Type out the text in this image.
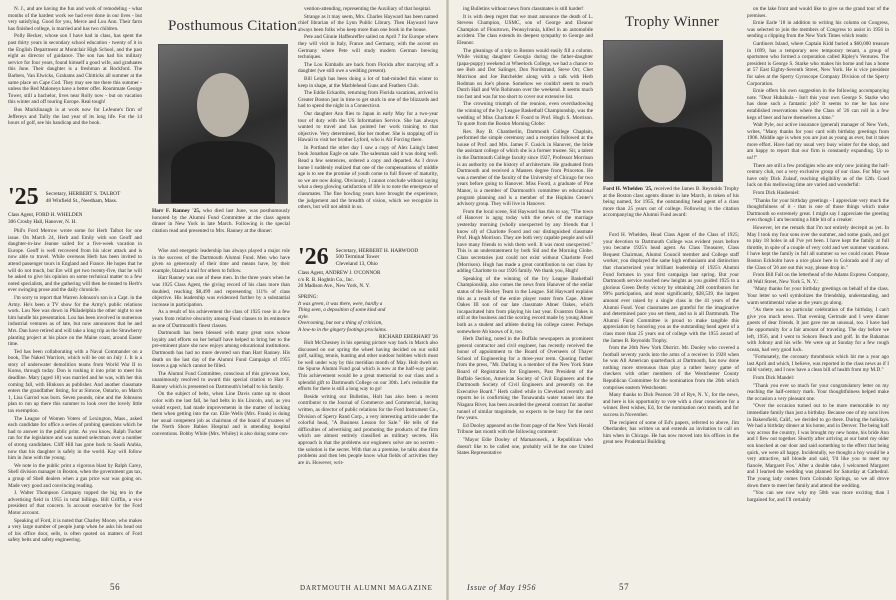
N. J., and are having the fun and work of remodeling - what months of the hardest work we had ever done in our lives - but very satisfying. Good for you, Merce and Lou Ann. Their farm has finished college, is married and has two children.

Polly Becker, whose son I have had in class, has spent the past thirty years in secondary school education - twenty of it in the English Department at Montclair High School, and the past eight as director of guidance. The son has had his military service for four years, found himself a good wife, and graduates this June. Their daughter is a freshman at Rockford. The Barbers, Van Elwicks, Grahams and Chitticks all summer at the same place on Cape Cod. They may see me there this summer - unless the Red Maloneys have a better offer. Roommate George Tower, still a bachelor, lives near Rolly now - but on vacation this winter and off touring Europe. Real tough!

Bus Macklinaugh is at work now for LeJeune's firm of Jeffereys and Tailly the last year of its long life. For the 14 hours of golf, see his handicap and the book.

'25 Secretary, HERBERT S. TALBOT
48 Winfield St., Needham, Mass.
Class Agent, FORD H. WHELDEN
306 Crosby Hall, Hanover, N. H.

Phil's Ford Merrow wrote some for Herb Talbot for one issue. On March 24, Herb and Emily with son Geoff and daughter-in-law Jeanne sailed for a five-week vacation in Europe. Geoff is well recovered from his ulcer attack and is now able to travel. While overseas Herb has been invited to attend passenger tours in England and France. He hopes that he will do not much, but Ere will get two twenty-five, that he will be asked to give his opinion on some technical matter to a few noted specialists, and the gathering will then be treated to Herb's ever swinging prose and the daily chronicle.

I'm sorry to report that Warren Johnson's son is a Capt. in the Army. He's been a TV show for the Army's public relations work. Lou Nee was down in Philadelphia the other night to see him handle his presentation. Lou has been involved in numerous industrial ventures as of late, but now announces that he and Mrs. Dan have retired and will take a long trip as the Strawberry planting project at his place on the Maine coast, around Easter time.

Ted has been collaborating with a Naval Commander on a book, The Naked Warriors, which will be out on July 1. It is a story of underwater demolition teams from World War II to Korea, through today. Don is rushing it into print to meet his deadline. Mary (aged 18) was married and he was, with her this coming fall, with Hinkson as publisher. And another classmate enters the grandfather listing, for at Simcoe, Ontario, on March 1, Lisa Garrod was born. Seven pounds, nine and the Johnsons plan to run up there this summer to look over the lovely little tax exemption.

The League of Women Voters of Lexington, Mass., asked each candidate for office a series of probing questions which he had to answer in the public print. As you know, Ralph Tucker ran for the legislature and was named selectman over a number of strong candidates. Cliff Hill has gone back to Saudi Arabia, now that his daughter is safely in the world. Kay will follow him in June with the young.

We note in the public print a vigorous blast by Ralph Carey, Shell division manager in Boston, when the government gas tax, a group of Shell dealers when a gas price war was going on. Made very good and convincing reading.

J. Walter Thompson Company topped the big ten in the advertising field in 1955 in total billings. Bill Griffin, a vice president of that concern. Is account executive for the Ford Motor account.

Speaking of Ford, it is noted that Charley Moore, who makes a very large number of people jump when he asks his head out of his office door, sells, is often quoted on matters of Ford safety belts and safety engineering.

Posthumous Citation
Harr F. Ranney '25, who died last June, was posthumously honored by the Alumni Fund Committee at the class agents dinner in New York in late March. Following is the special citation read and presented to Mrs. Ranney at the dinner:

Wise and energetic leadership has always played a major role in the success of the Dartmouth Alumni Fund. Men who have given so generously of their time and means have, by their example, blazed a trail for others to follow.

Harr Ranney was one of these men. In the three years when he was 1925 Class Agent, the giving record of his class more than doubled, reaching $8,499 and representing 111% of class objective. His leadership was evidenced further by a substantial increase in participation.

As a result of his achievement the class of 1925 rose in a few years from relative obscurity among Fund classes to its eminence as one of Dartmouth's finest classes.

Dartmouth has been blessed with many great sons whose loyalty and efforts on her behalf have helped to bring her to the pre-eminent place she now enjoys among educational institutions. Dartmouth has had no more devoted son than Harr Ranney. His death on the last day of the Alumni Fund Campaign of 1955 leaves a gap which cannot be filled.

The Alumni Fund Committee, conscious of this grievous loss, unanimously resolved to award this special citation to Harr F. Ranney which is presented on Dartmouth's behalf to his family.

On the subject of belts, when Line Davis came up to shoot color with me last fall, he had belts in his Lincoln, and, as you would expect, had made improvements in the matter of locking them when getting into the car. Ellie Wells (Mrs. Frank) is doing her usual competent job as chairman of the board of trustees of the North Shore Babies Hospital and is attending hospital conventions. Bobby White (Mrs. Whiley) is also doing some con-

vention-attending, representing the Auxiliary of that hospital.

Strange as it may seem, Mrs. Charles Hayward has been named chief librarian of the Lynn Public Library. Then Hayward have always been folks who keep more than one book in the house.

Pete and Ginnie Haffenreffer sailed on April 7 for Europe where they will visit in Italy, France and Germany, with the accent on Germany where Pete will study modern German brewing techniques.

The Lou Kimballs are back from Florida after marrying off a daughter (we still owe a wedding present).

Bill Leigh has been doing a lot of bad-minded this winter to keep in shape, at the Marblehead Guns and Feathers Club.

The Eddie Eckardts, returning from Florida vacations, arrived in Greater Boston just in time to get stuck in one of the blizzards and had to spend the night in a Connecticut.

Our daughter Ann flies to Japan in early May for a two-year tour of duty with the US Information Service. She has always wanted to travel and has pointed her work training to that objective. Very determined, like her mother. She is stopping off in Hawaii to visit her brother Lyford, who is Air Forcing there.

In Portland the other day I saw a copy of Alex Laing's latest book Jonathan Eagle on sale. The salesman said it was doing well. Read a few sentences, ordered a copy and departed. As I drove home I suddenly realized that one of the compensations of middle age is to see the promise of youth come to full flower of maturity, so we are now doing. Obviously, I cannot conclude without saying what a deep glowing satisfaction of life is to note the emergence of classmates. The fine bowling years have brought the experience, the judgement and the breadth of vision, which we recognize in others, but will not admit in us.

'26 Secretary, HERBERT H. HARWOOD
500 Terminal Tower
Cleveland 13, Ohio
Class Agent, ANDREW J. O'CONNOR
c/o R. B. Hoghtin Co., Inc.
20 Madison Ave., New York, N. Y.
SPRING:
It was green, it was there, were, hardly a
Thing seen, a deposition of some kind and
style.
Overcoming, but not a thing of criticism,
A low-to in the gingery footings proclaims.
RICHARD EBERHART '26

Holt McChesney in his opening picture way back in March also discussed on our spring the wheel having decided on our solid golf, sailing, tennis, hunting and other outdoor hobbies which must be well under way by this meridian month of May. Holt dwelt on the Spurse Alumni Fund goal which is now at the half-way point. This achievement would be a great memorial to our class and a splendid gift to Dartmouth College on our 30th. Let's redouble the efforts for there is still a long way to go!

Beside writing our Bulletins, Holt has also been a recent contributor to the Journal of Commerce and Commercial, having written, as director of public relations for the Ford Instrument Co., Division of Sperry Rand Corp., a very interesting article under the colorful head, "A Business Lesson for Sale." He tells of the difficulties of advertising and promoting the products of the firm which are almost entirely classified as military secrets. His approach is that the problems our engineers solve are no secrets - the solution is the secret. With that as a premise, he talks about the problems and then lets people know what fields of activities they are in. However, writ-

56	DARTMOUTH ALUMNI MAGAZINE

ing Bulletins without news from classmates is still harder!

It is with deep regret that we must announce the death of L. Stevens Champion, USMC, son of George and Eleanor Champion of Flourtown, Pennsylvania, killed in an automobile accident. The class extends its deepest sympathy to George and Eleanor.

The gleanings of a trip to Boston would easily fill a column. While visiting daughter Georgia during the father-daughter (papa-puppy) weekend at Wheelock College, we had a chance to see Bob and Dot Salinger, Don Nordstrand, Steve Orr, Chet Morrison and Joe Batchelder along with a talk with Herb Rodman on Joe's phone. Somehow we couldn't seem to reach Dutch Hall and Win Robinson over the weekend. It seems much too fast and was far too short to cover our extensive list.

The crowning triumph of the reunion, even overshadowing the winning of the Ivy League Basketball Championship, was the wedding of Miss Charlotte F. Foord to Prof. Hugh S. Morrison. To quote from the Boston Morning Globe:

Rev. Roy B. Chamberlin, Dartmouth College Chaplain, performed the simple ceremony and a reception followed at the house of Prof. and Mrs. James F. Cusick in Hanover, the bride the assistant college of which she is a former trustee. Sir, a talent in the Dartmouth College faculty since 1927, Professor Morrison is an authority on the history of architecture. He graduated from Dartmouth and received a Masters degree from Princeton. He was a member of the faculty of the University of Chicago for two years before going to Hanover. Miss Foord, a graduate of Pine Manor, is a member of Dartmouth's committee on educational program planning and is a member of the Hopkins Center's advisory group. They will live in Hanover.

From the local scene, Sid Hayward has this to say, "The town of Hanover is agog today with the news of the marriage yesterday morning (wholly unexpected by any friends that I know of) of Charlotte Foord and our distinguished classmate Prof. Hugh Morrison. They are both very capable people and will have many friends to wish them well. It was most unexpected." This is an understatement by both Sid and the Morning Globe. Class secretaries just could not exist without Charlotte Ford (Morrison). Hugh has made a great contribution to our class by adding Charlotte to our 1926 family. We thank you, Hugh!

Speaking of the winning of the Ivy League Basketball Championship, also comes the news from Hanover of the stellar status of the Hockey Team in the League. Sid Hayward explains this as a result of the entire player roster from Cape. Abner Oakes III son of our late classmate Abner Oakes, which incapacitated him from playing his last year. Evanston Oakes is still at the business and the scoring record made by young Abner both as a student and athlete during his college career. Perhaps somewhere Ab knows of it, too.

Herb Darling, noted in the Buffalo newspapers as prominent general contractor and civil engineer, has recently received the honor of appointment to the Board of Overseers of Thayer School of Engineering for a three-year term. Quoting further from the press, "Mr. Darling is a member of the New York State Board of Registration for Engineers, Past President of the Buffalo Section, American Society of Civil Engineers and the Dartmouth Society of Civil Engineers and presently on the Executive Board." Herb called while in Cleveland recently and reports he is confirming the Tonawanda water tunnel into the Niagara River, has been awarded the general contract for another tunnel of similar magnitude, so expects to be busy for the next few years.

Ed Dooley appeared on the front page of the New York Herald Tribune last month with the following comment:

"Mayor Edie Dooley of Mamaroneck, a Republican who doesn't like to be called one, probably will be the one United States Representative

Trophy Winner
Ford H. Whelden '25, received the James B. Reynolds Trophy at the Boston class agents dinner in late March, in token of his being named, for 1955, the outstanding head agent of a class more than 25 years out of college. Following is the citation accompanying the Alumni Fund award:

Ford H. Whelden, Head Class Agent of the Class of 1925; your devotion to Dartmouth College was evident years before you became 1925's head agent. As Class Treasurer, Class Bequest Chairman, Alumni Council member and College staff worker, you displayed the same high enthusiasm and distinction that characterized your brilliant leadership of 1925's Alumni Fund fortunes in your first campaign last spring. But your Dartmouth service reached new heights as you guided 1925 to a glorious Green Derby victory by obtaining 248 contributors for 99% participation, and most significantly, $28,539, the largest amount ever raised by a single class in the 41 years of the Alumni Fund. Your classmates are grateful for the imaginative and determined pace you set them, and so is all Dartmouth. The Alumni Fund Committee is proud to make tangible this appreciation by honoring you as the outstanding head agent of a class more than 25 years out of college with the 1955 award of the James B. Reynolds Trophy.

from the 26th New York District. Mr. Dooley who covered a football seventy yards into the arms of a receiver in 1928 when he was All American quarterback at Dartmouth, has now done nothing more strenuous than play a rather heavy game of checkers with other members of the Westchester County Republican Committee for the nomination from the 26th which comprises eastern Westchester.

Many thanks to Dick Pearson '20 of Rye, N. Y., for the news, and here is his opportunity to vote with a clear conscience for a winner. Best wishes, Ed, for the nomination next month, and for success in November.

The recipient of some of Ed's papers, referred to above, Jim Oberlander, has written us and extends an invitation to call on him when in Chicago. He has now moved into his offices in the great new Prudential Building

on the lake front and would like to give us the grand tour of the premises.

Ernie Earle '18 in addition to writing his column on Congress, was selected to join the members of Congress to assist in 1956 in sending a clipping from the New York Times which reads:

Gardiners Island, where Captain Kidd buried a $60,000 treasure in 1699, has a temporary new temporary tenant, a group of sportsmen who formed a corporation called Ripley's Ventures. The president is George S. Starke who makes his home and has a home at 57 East Eighty-Seventh Street, New York. He is vice president for sales at the Sperry Gyroscope Company Division of the Sperry Corporation.

Ernie offers his own suggestion in the following accompanying note. "Dear Hubahula - Isn't this your own George S. Starke who has done such a fantastic job? It seems to me he has now established reservations where the Class of '26 can roll in a few kegs of beer and have themselves a time."

Walt Pyle, our active insurance (general) manager of New York, writes, "Many thanks for your card with birthday greetings from 1906. Middle age is when you are just as young as ever, but it takes more effort. Have had my usual very busy winter for the shop, and am happy to report that our firm is constantly expanding. Up to us!!"

There are still a few prodigies who are only now joining the half-century club, not a very exclusive group of our class. For May we have only Dick Zulauf, reaching eligibility as of the 12th. Good luck on this mellowing time are varied and wonderful:

From Dick Haubeniel:

"Thanks for your birthday greetings - I appreciate very much the thoughtfulness of it - that is one of those things which make Dartmouth so extremely great. I might say I appreciate the greeting even though I am becoming a little bit of a creaker.

However, let me remark that I'm not entirely decrepit as yet. In May I took my four sons over the summer, and some goals, and got to play 18 holes in all I've yet been. I have kept the family at full throttle, in spite of a couple of very cold and wet summer vacations. I have kept the family in full all summer so we could count. Please Boston Eckholm have a nice place here in Colorado and if any of the Class of '26 are out this way, please drop in."

From Bill Fall on the letterhead of the Adams Express Company, 48 Wall Street, New York 5, N. Y.:

"Many thanks for your birthday greetings on behalf of the class. Your letter so well symbolizes the friendship, understanding, and warm sentimental value as the years go along.

"As there was no particular celebration of the birthday, I can't give you much news. That evening Gertrude and I were dinner guests of dear friends. It just gave me an unusual, too. I have had the opportunity for a fair amount of traveling. The day before we left, 1956, and I went to Sokoro Beach and golf. In the Bahamas with Johnny and his wife. We were up at Sunday for a few rough ocean, had very good luck.

"Fortunately, the coronary thrombosis which hit me a year ago last April and which, I believe, was reported in the class news as if I mild variety, and I now have a clean bill of health from my M.D."

From Dick Mandel:

"Thank you ever so much for your congratulatory letter on my reaching the half-century mark. Your thoughtfulness helped make the occasion a very pleasant one.

"Over the occasion turned out to be more memorable to my immediate family than just a birthday. Because one of my sons lives in Bakersfield, Calif., we decided to go there. During the holidays. We had a birthday dinner at his home, and in Denver. The being half way across the country, I was brought my new home, his bride Ann and I flew out together. Shortly after arriving at our hotel my older son knocked at our door and said something to the effect that being quick, we were all happy. Incidentally, we thought a boy would be a very attractive, tall blonde and said, 'I'd like you to meet my fiancée, Margaret Fox.' After a double take, I welcomed Margaret and I learned the wedding was planned for Saturday at Cathedral. The young lady comes from Colorado Springs, so we all drove down there to meet her family and attend the wedding.

"You can see now why my 50th was more exciting than I bargained for, and I'll certainly

Issue of May 1956	57
